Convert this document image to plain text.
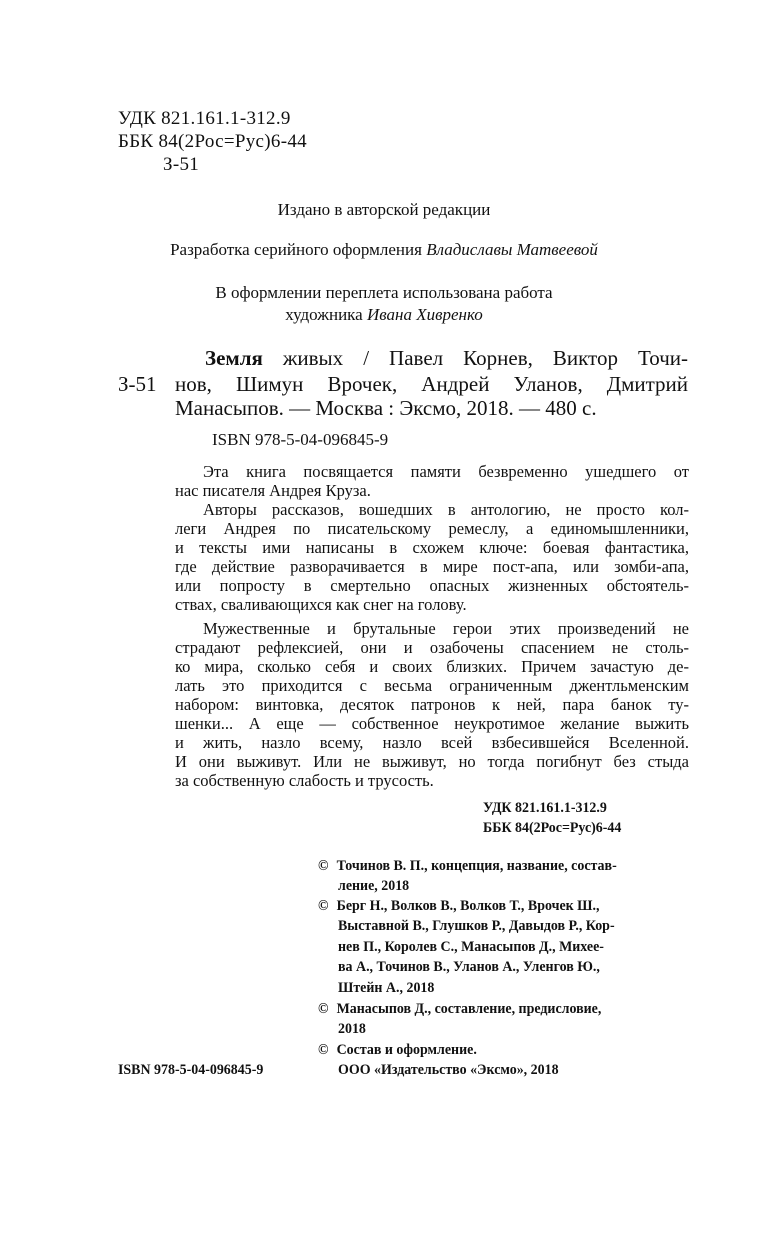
УДК 821.161.1-312.9
ББК 84(2Рос=Рус)6-44
З-51
Издано в авторской редакции
Разработка серийного оформления Владиславы Матвеевой
В оформлении переплета использована работа
художника Ивана Хивренко
Земля живых / Павел Корнев, Виктор Точи-
З-51 нов, Шимун Врочек, Андрей Уланов, Дмитрий
Манасыпов. — Москва : Эксмо, 2018. — 480 с.
ISBN 978-5-04-096845-9
Эта книга посвящается памяти безвременно ушедшего от
нас писателя Андрея Круза.
Авторы рассказов, вошедших в антологию, не просто кол-
леги Андрея по писательскому ремеслу, а единомышленники,
и тексты ими написаны в схожем ключе: боевая фантастика,
где действие разворачивается в мире пост-апа, или зомби-апа,
или попросту в смертельно опасных жизненных обстоятель-
ствах, сваливающихся как снег на голову.
Мужественные и брутальные герои этих произведений не
страдают рефлексией, они и озабочены спасением не столь-
ко мира, сколько себя и своих близких. Причем зачастую де-
лать это приходится с весьма ограниченным джентльменским
набором: винтовка, десяток патронов к ней, пара банок ту-
шенки... А еще — собственное неукротимое желание выжить
и жить, назло всему, назло всей взбесившейся Вселенной.
И они выживут. Или не выживут, но тогда погибнут без стыда
за собственную слабость и трусость.
УДК 821.161.1-312.9
ББК 84(2Рос=Рус)6-44
© Точинов В. П., концепция, название, состав-
ление, 2018
© Берг Н., Волков В., Волков Т., Врочек Ш.,
Выставной В., Глушков Р., Давыдов Р., Кор-
нев П., Королев С., Манасыпов Д., Михее-
ва А., Точинов В., Уланов А., Уленгов Ю.,
Штейн А., 2018
© Манасыпов Д., составление, предисловие,
2018
© Состав и оформление.
ООО «Издательство «Эксмо», 2018
ISBN 978-5-04-096845-9
